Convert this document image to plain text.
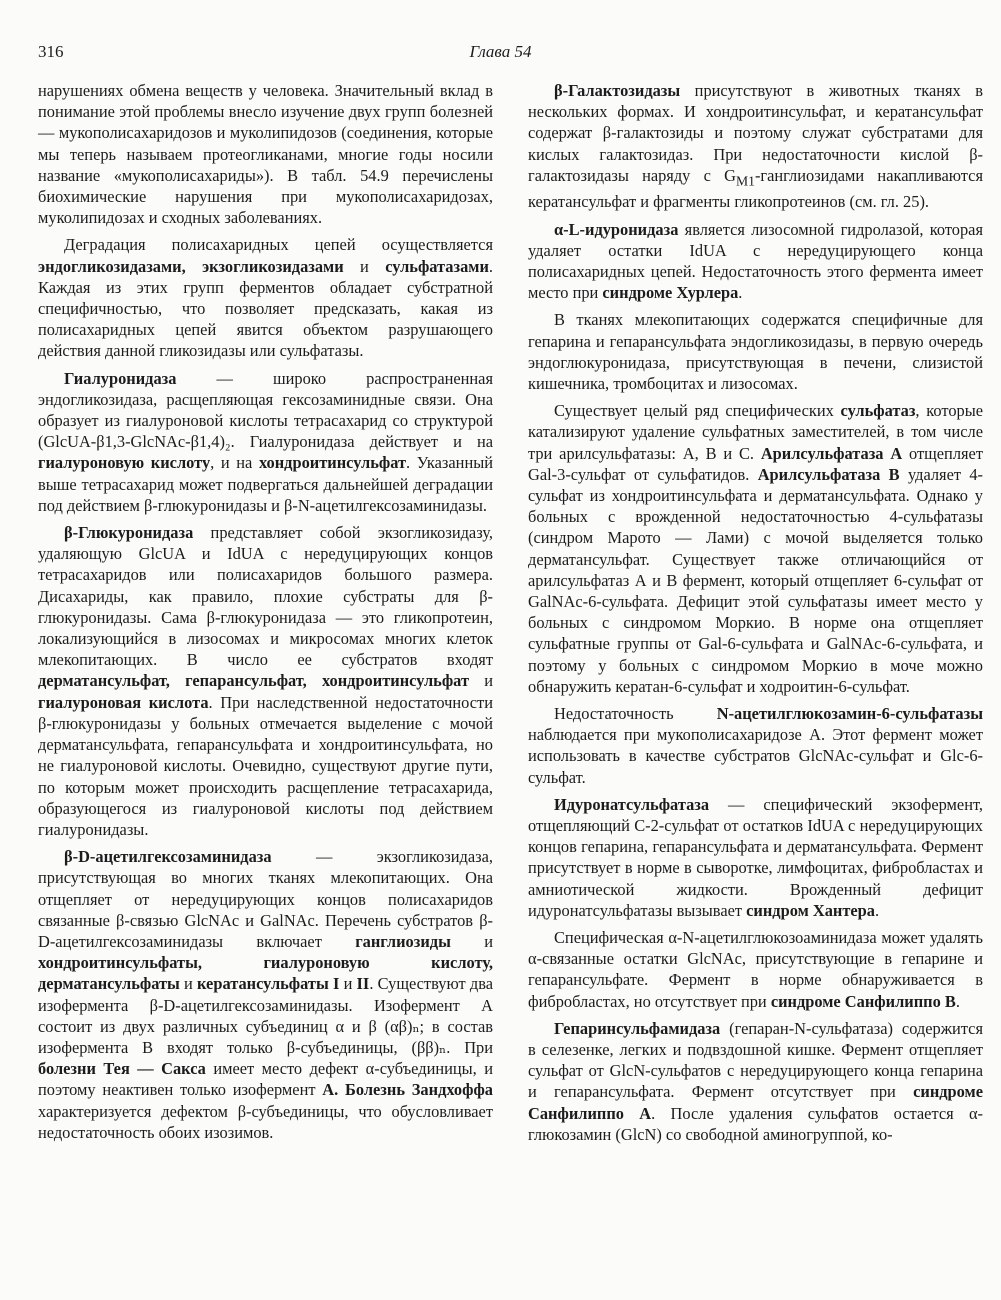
316	Глава 54

нарушениях обмена веществ у человека. Значительный вклад в понимание этой проблемы внесло изучение двух групп болезней — мукополисахаридозов и муколипидозов (соединения, которые мы теперь называем протеогликанами, многие годы носили название «мукополисахариды»). В табл. 54.9 перечислены биохимические нарушения при мукополисахаридозах, муколипидозах и сходных заболеваниях.

Деградация полисахаридных цепей осуществляется эндогликозидазами, экзогликозидазами и сульфатазами. Каждая из этих групп ферментов обладает субстратной специфичностью, что позволяет предсказать, какая из полисахаридных цепей явится объектом разрушающего действия данной гликозидазы или сульфатазы.

Гиалуронидаза — широко распространенная эндогликозидаза, расщепляющая гексозаминидные связи. Она образует из гиалуроновой кислоты тетрасахарид со структурой (GlcUA-β1,3-GlcNAc-β1,4)₂. Гиалуронидаза действует и на гиалуроновую кислоту, и на хондроитинсульфат. Указанный выше тетрасахарид может подвергаться дальнейшей деградации под действием β-глюкуронидазы и β-N-ацетилгексозаминидазы.

β-Глюкуронидаза представляет собой экзогликозидазу, удаляющую GlcUA и IdUA с нередуцирующих концов тетрасахаридов или полисахаридов большого размера. Дисахариды, как правило, плохие субстраты для β-глюкуронидазы. Сама β-глюкуронидаза — это гликопротеин, локализующийся в лизосомах и микросомах многих клеток млекопитающих. В число ее субстратов входят дерматансульфат, гепарансульфат, хондроитинсульфат и гиалуроновая кислота. При наследственной недостаточности β-глюкуронидазы у больных отмечается выделение с мочой дерматансульфата, гепарансульфата и хондроитинсульфата, но не гиалуроновой кислоты. Очевидно, существуют другие пути, по которым может происходить расщепление тетрасахарида, образующегося из гиалуроновой кислоты под действием гиалуронидазы.

β-D-ацетилгексозаминидаза — экзогликозидаза, присутствующая во многих тканях млекопитающих. Она отщепляет от нередуцирующих концов полисахаридов связанные β-связью GlcNAc и GalNAc. Перечень субстратов β-D-ацетилгексозаминидазы включает ганглиозиды и хондроитинсульфаты, гиалуроновую кислоту, дерматансульфаты и кератансульфаты I и II. Существуют два изофермента β-D-ацетилгексозаминидазы. Изофермент А состоит из двух различных субъединиц α и β (αβ)ₙ; в состав изофермента В входят только β-субъединицы, (ββ)ₙ. При болезни Тея — Сакса имеет место дефект α-субъединицы, и поэтому неактивен только изофермент А. Болезнь Зандхоффа характеризуется дефектом β-субъединицы, что обусловливает недостаточность обоих изозимов.

β-Галактозидазы присутствуют в животных тканях в нескольких формах. И хондроитинсульфат, и кератансульфат содержат β-галактозиды и поэтому служат субстратами для кислых галактозидаз. При недостаточности кислой β-галактозидазы наряду с $G_{M1}$-ганглиозидами накапливаются кератансульфат и фрагменты гликопротеинов (см. гл. 25).

α-L-идуронидаза является лизосомной гидролазой, которая удаляет остатки IdUA с нередуцирующего конца полисахаридных цепей. Недостаточность этого фермента имеет место при синдроме Хурлера.

В тканях млекопитающих содержатся специфичные для гепарина и гепарансульфата эндогликозидазы, в первую очередь эндоглюкуронидаза, присутствующая в печени, слизистой кишечника, тромбоцитах и лизосомах.

Существует целый ряд специфических сульфатаз, которые катализируют удаление сульфатных заместителей, в том числе три арилсульфатазы: А, В и С. Арилсульфатаза А отщепляет Gal-3-сульфат от сульфатидов. Арилсульфатаза В удаляет 4-сульфат из хондроитинсульфата и дерматансульфата. Однако у больных с врожденной недостаточностью 4-сульфатазы (синдром Марото — Лами) с мочой выделяется только дерматансульфат. Существует также отличающийся от арилсульфатаз А и В фермент, который отщепляет 6-сульфат от GalNAc-6-сульфата. Дефицит этой сульфатазы имеет место у больных с синдромом Моркио. В норме она отщепляет сульфатные группы от Gal-6-сульфата и GalNAc-6-сульфата, и поэтому у больных с синдромом Моркио в моче можно обнаружить кератан-6-сульфат и ходроитин-6-сульфат.

Недостаточность N-ацетилглюкозамин-6-сульфатазы наблюдается при мукополисахаридозе А. Этот фермент может использовать в качестве субстратов GlcNAc-сульфат и Glc-6-сульфат.

Идуронатсульфатаза — специфический экзофермент, отщепляющий С-2-сульфат от остатков IdUA с нередуцирующих концов гепарина, гепарансульфата и дерматансульфата. Фермент присутствует в норме в сыворотке, лимфоцитах, фибробластах и амниотической жидкости. Врожденный дефицит идуронатсульфатазы вызывает синдром Хантера.

Специфическая α-N-ацетилглюкозоаминидаза может удалять α-связанные остатки GlcNAc, присутствующие в гепарине и гепарансульфате. Фермент в норме обнаруживается в фибробластах, но отсутствует при синдроме Санфилиппо В.

Гепаринсульфамидаза (гепаран-N-сульфатаза) содержится в селезенке, легких и подвздошной кишке. Фермент отщепляет сульфат от GlcN-сульфатов с нередуцирующего конца гепарина и гепарансульфата. Фермент отсутствует при синдроме Санфилиппо А. После удаления сульфатов остается α-глюкозамин (GlcN) со свободной аминогруппой, ко-
